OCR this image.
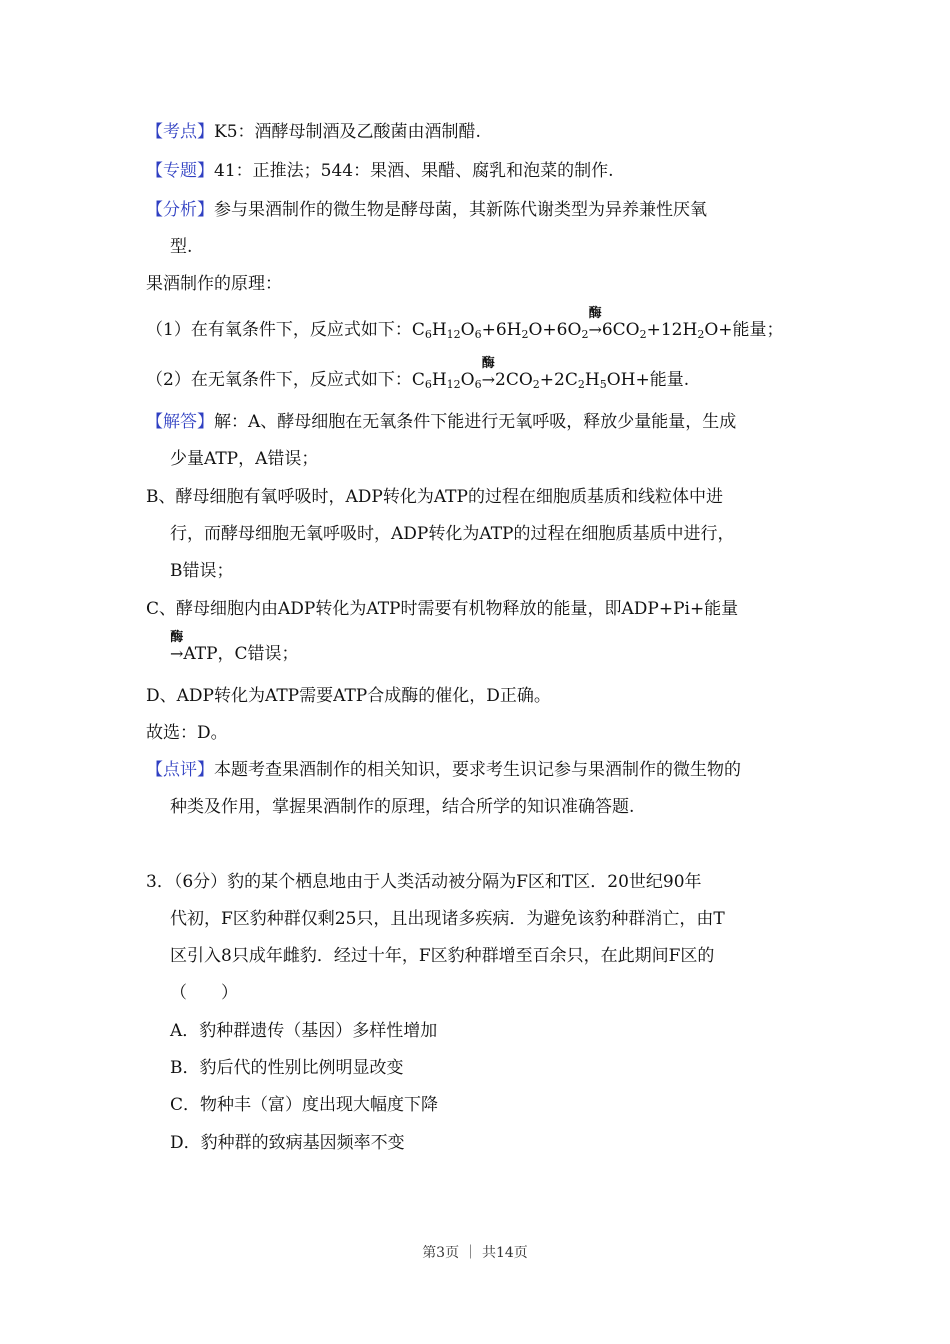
【考点】K5：酒酵母制酒及乙酸菌由酒制醋.
【专题】41：正推法；544：果酒、果醋、腐乳和泡菜的制作.
【分析】参与果酒制作的微生物是酵母菌，其新陈代谢类型为异养兼性厌氧
型.
果酒制作的原理：
（1）在有氧条件下，反应式如下：$C_6H_{12}O_6+6H_2O+6O_2$
酶
$\to 6CO_2+12H_2O+$能量；
（2）在无氧条件下，反应式如下：$C_6H_{12}O_6$
酶
$\to 2CO_2+2C_2H_5OH+$能量.
【解答】解：A、酵母细胞在无氧条件下能进行无氧呼吸，释放少量能量，生成
少量ATP，A错误；
B、酵母细胞有氧呼吸时，ADP转化为ATP的过程在细胞质基质和线粒体中进
行，而酵母细胞无氧呼吸时，ADP转化为ATP的过程在细胞质基质中进行，
B错误；
C、酵母细胞内由ADP转化为ATP时需要有机物释放的能量，即ADP+Pi+能量
酶
→ATP，C错误；
D、ADP转化为ATP需要ATP合成酶的催化，D正确。
故选：D。
【点评】本题考查果酒制作的相关知识，要求考生识记参与果酒制作的微生物的
种类及作用，掌握果酒制作的原理，结合所学的知识准确答题.
3．（6分）豹的某个栖息地由于人类活动被分隔为F区和T区．20世纪90年
代初，F区豹种群仅剩25只，且出现诸多疾病．为避免该豹种群消亡，由T
区引入8只成年雌豹．经过十年，F区豹种群增至百余只，在此期间F区的
（　　）
A．豹种群遗传（基因）多样性增加
B．豹后代的性别比例明显改变
C．物种丰（富）度出现大幅度下降
D．豹种群的致病基因频率不变
第3页 ｜ 共14页
